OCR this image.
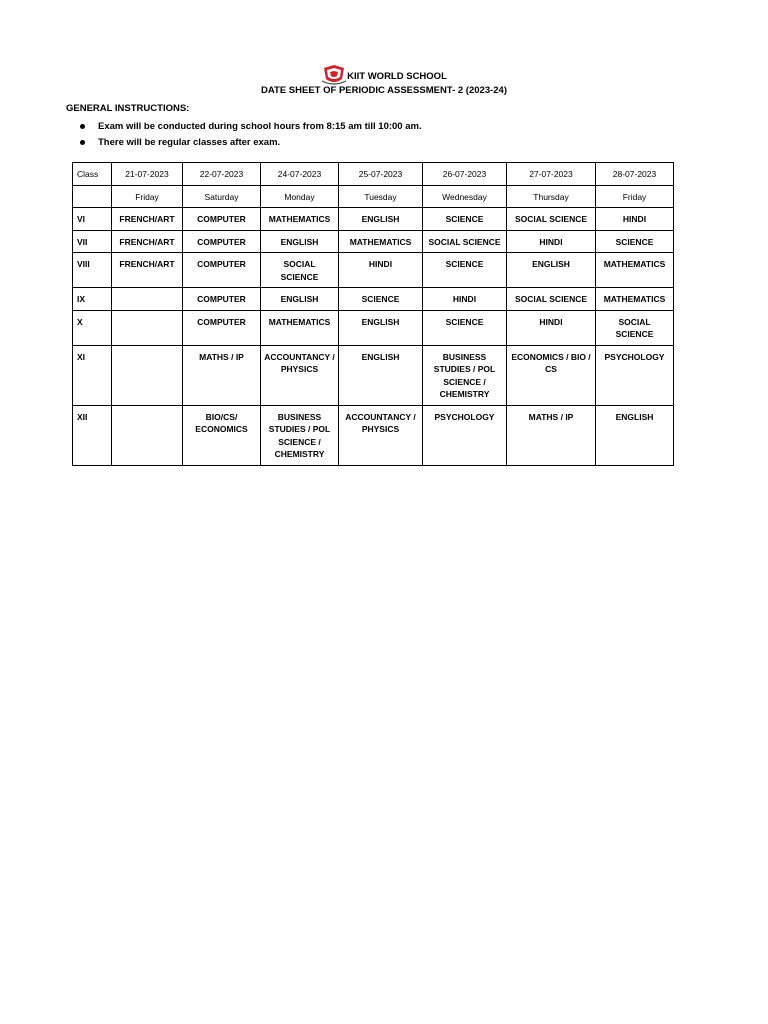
KIIT WORLD SCHOOL
DATE SHEET OF PERIODIC ASSESSMENT- 2 (2023-24)
GENERAL INSTRUCTIONS:
Exam will be conducted during school hours from 8:15 am till 10:00 am.
There will be regular classes after exam.
Class	21-07-2023	22-07-2023	24-07-2023	25-07-2023	26-07-2023	27-07-2023	28-07-2023
	Friday	Saturday	Monday	Tuesday	Wednesday	Thursday	Friday
VI	FRENCH/ART	COMPUTER	MATHEMATICS	ENGLISH	SCIENCE	SOCIAL SCIENCE	HINDI
VII	FRENCH/ART	COMPUTER	ENGLISH	MATHEMATICS	SOCIAL SCIENCE	HINDI	SCIENCE
VIII	FRENCH/ART	COMPUTER	SOCIAL SCIENCE	HINDI	SCIENCE	ENGLISH	MATHEMATICS
IX		COMPUTER	ENGLISH	SCIENCE	HINDI	SOCIAL SCIENCE	MATHEMATICS
X		COMPUTER	MATHEMATICS	ENGLISH	SCIENCE	HINDI	SOCIAL SCIENCE
XI		MATHS / IP	ACCOUNTANCY / PHYSICS	ENGLISH	BUSINESS STUDIES / POL SCIENCE / CHEMISTRY	ECONOMICS / BIO / CS	PSYCHOLOGY
XII		BIO/CS/ ECONOMICS	BUSINESS STUDIES / POL SCIENCE / CHEMISTRY	ACCOUNTANCY / PHYSICS	PSYCHOLOGY	MATHS / IP	ENGLISH
